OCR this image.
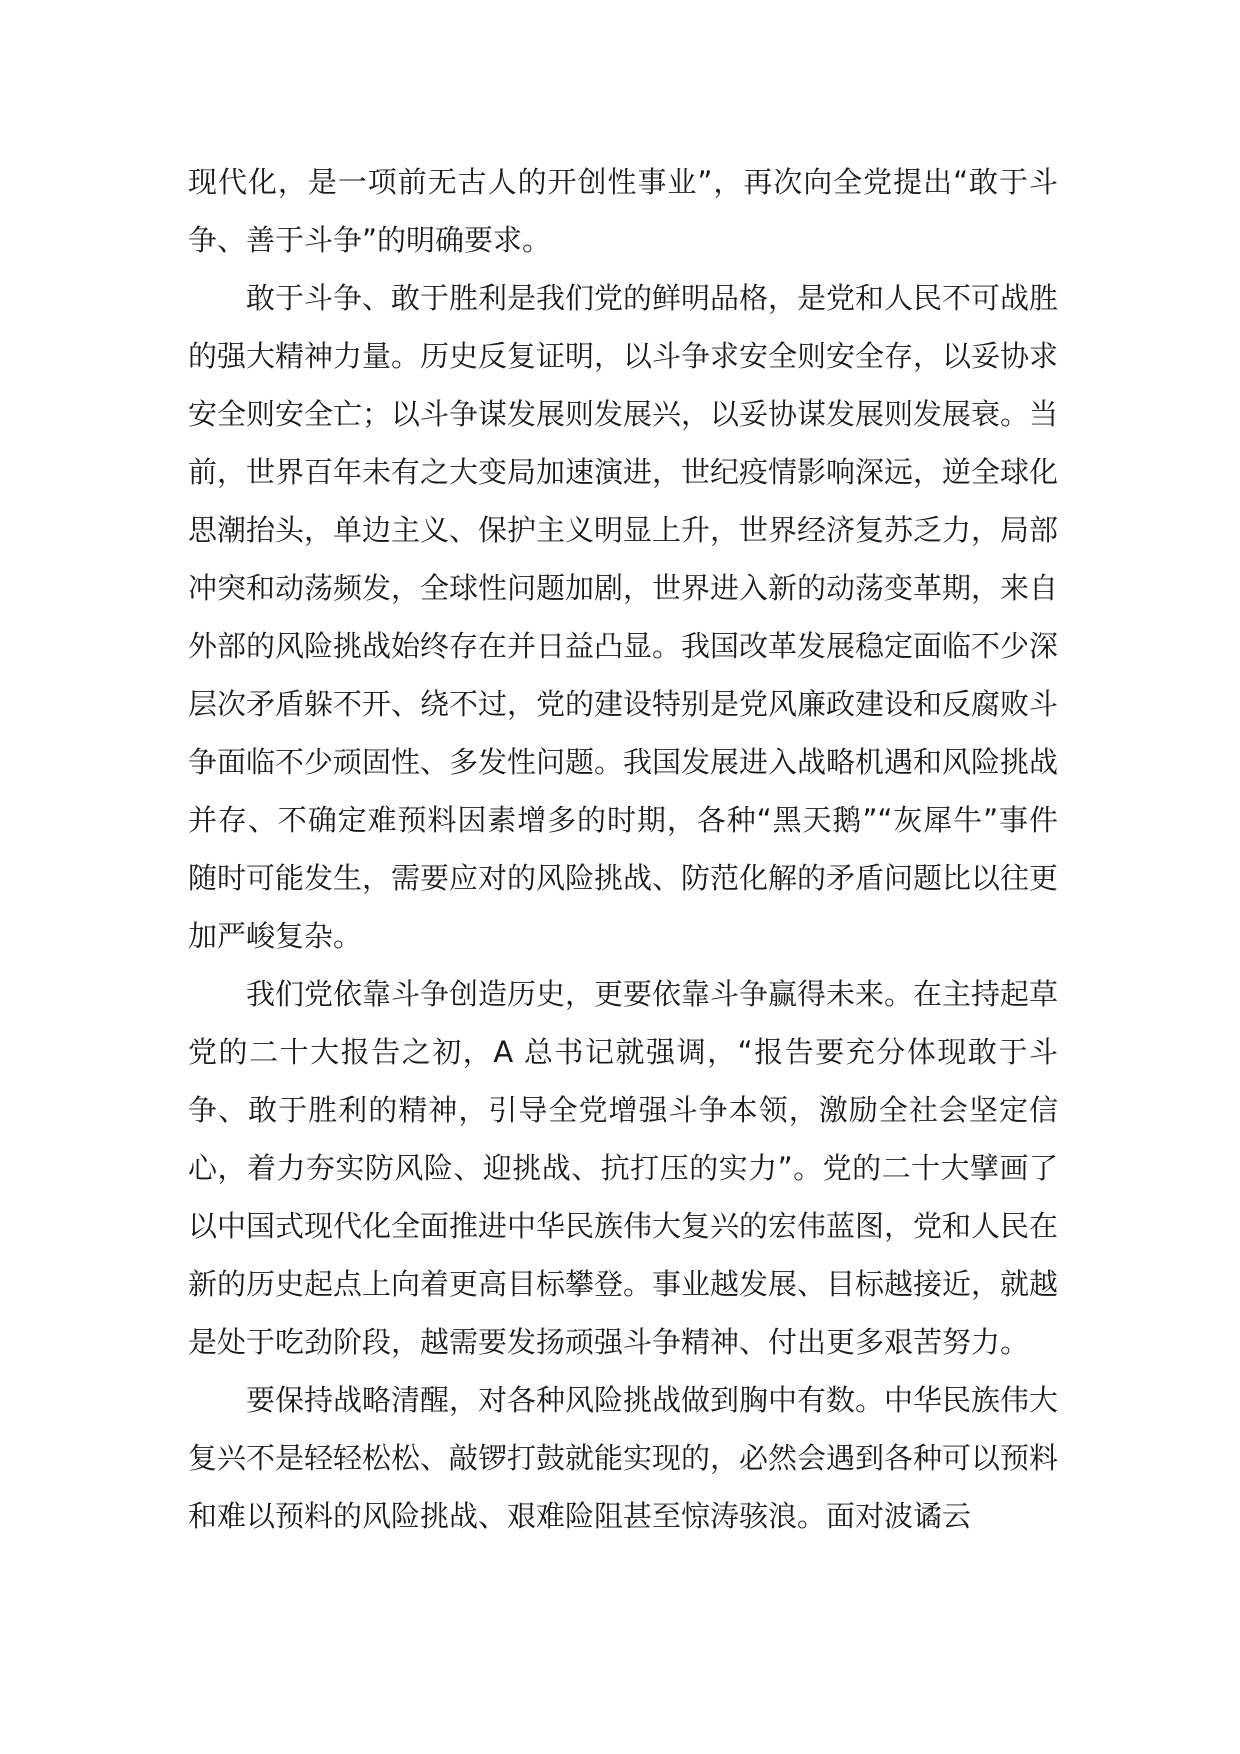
现代化，是一项前无古人的开创性事业”，再次向全党提出“敢于斗争、善于斗争”的明确要求。

敢于斗争、敢于胜利是我们党的鲜明品格，是党和人民不可战胜的强大精神力量。历史反复证明，以斗争求安全则安全存，以妥协求安全则安全亡；以斗争谋发展则发展兴，以妥协谋发展则发展衰。当前，世界百年未有之大变局加速演进，世纪疫情影响深远，逆全球化思潮抬头，单边主义、保护主义明显上升，世界经济复苏乏力，局部冲突和动荡频发，全球性问题加剧，世界进入新的动荡变革期，来自外部的风险挑战始终存在并日益凸显。我国改革发展稳定面临不少深层次矛盾躲不开、绕不过，党的建设特别是党风廉政建设和反腐败斗争面临不少顽固性、多发性问题。我国发展进入战略机遇和风险挑战并存、不确定难预料因素增多的时期，各种“黑天鹅”“灰犀牛”事件随时可能发生，需要应对的风险挑战、防范化解的矛盾问题比以往更加严峻复杂。

我们党依靠斗争创造历史，更要依靠斗争赢得未来。在主持起草党的二十大报告之初，A 总书记就强调，“报告要充分体现敢于斗争、敢于胜利的精神，引导全党增强斗争本领，激励全社会坚定信心，着力夯实防风险、迎挑战、抗打压的实力”。党的二十大擘画了以中国式现代化全面推进中华民族伟大复兴的宏伟蓝图，党和人民在新的历史起点上向着更高目标攀登。事业越发展、目标越接近，就越是处于吃劲阶段，越需要发扬顽强斗争精神、付出更多艰苦努力。

要保持战略清醒，对各种风险挑战做到胸中有数。中华民族伟大复兴不是轻轻松松、敲锣打鼓就能实现的，必然会遇到各种可以预料和难以预料的风险挑战、艰难险阻甚至惊涛骇浪。面对波谲云
